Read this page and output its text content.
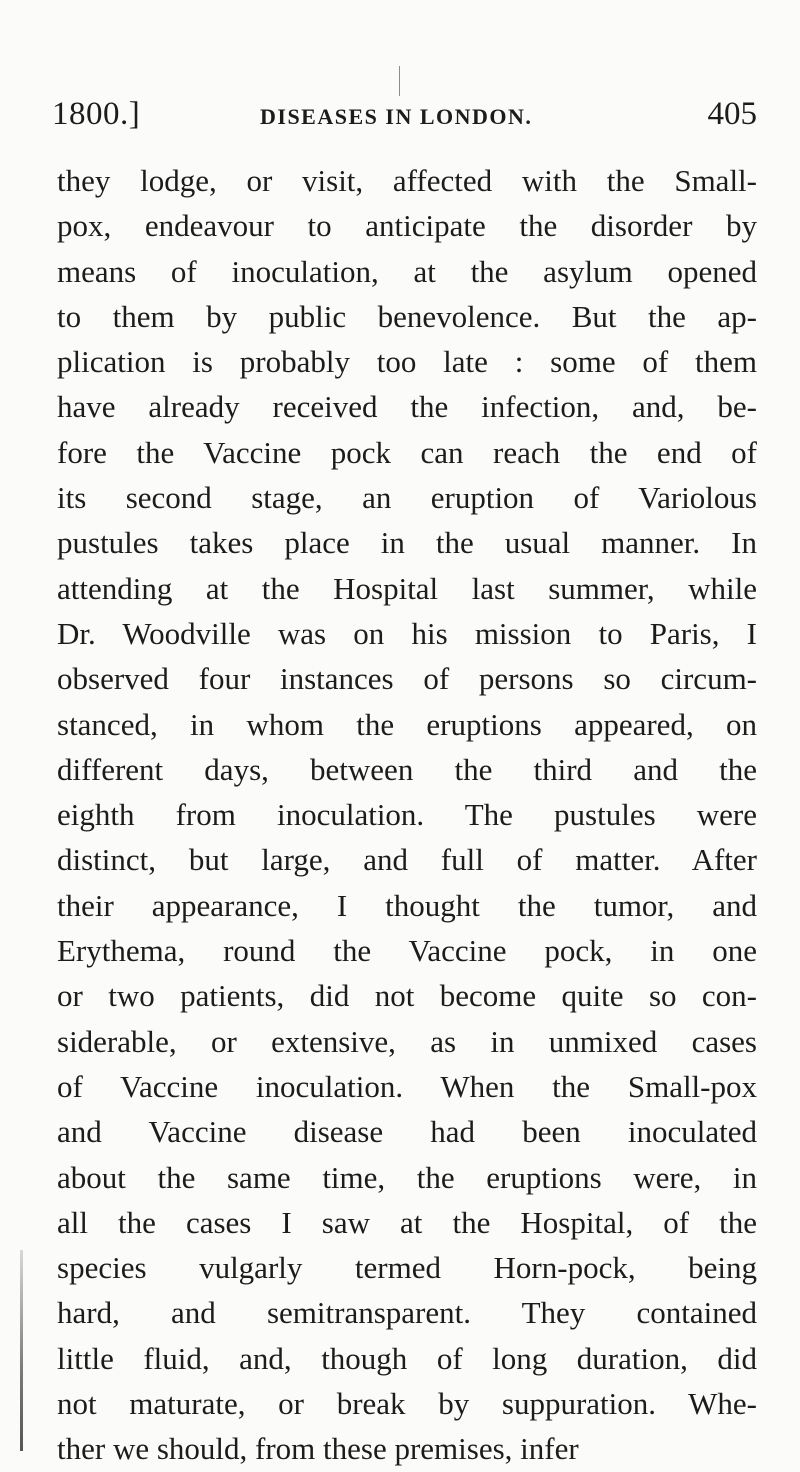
1800.]	DISEASES IN LONDON.	405
they lodge, or visit, affected with the Small-
pox, endeavour to anticipate the disorder by
means of inoculation, at the asylum opened
to them by public benevolence. But the ap-
plication is probably too late : some of them
have already received the infection, and, be-
fore the Vaccine pock can reach the end of
its second stage, an eruption of Variolous
pustules takes place in the usual manner. In
attending at the Hospital last summer, while
Dr. Woodville was on his mission to Paris, I
observed four instances of persons so circum-
stanced, in whom the eruptions appeared, on
different days, between the third and the
eighth from inoculation. The pustules were
distinct, but large, and full of matter. After
their appearance, I thought the tumor, and
Erythema, round the Vaccine pock, in one
or two patients, did not become quite so con-
siderable, or extensive, as in unmixed cases
of Vaccine inoculation. When the Small-pox
and Vaccine disease had been inoculated
about the same time, the eruptions were, in
all the cases I saw at the Hospital, of the
species vulgarly termed Horn-pock, being
hard, and semitransparent. They contained
little fluid, and, though of long duration, did
not maturate, or break by suppuration. Whe-
ther we should, from these premises, infer
